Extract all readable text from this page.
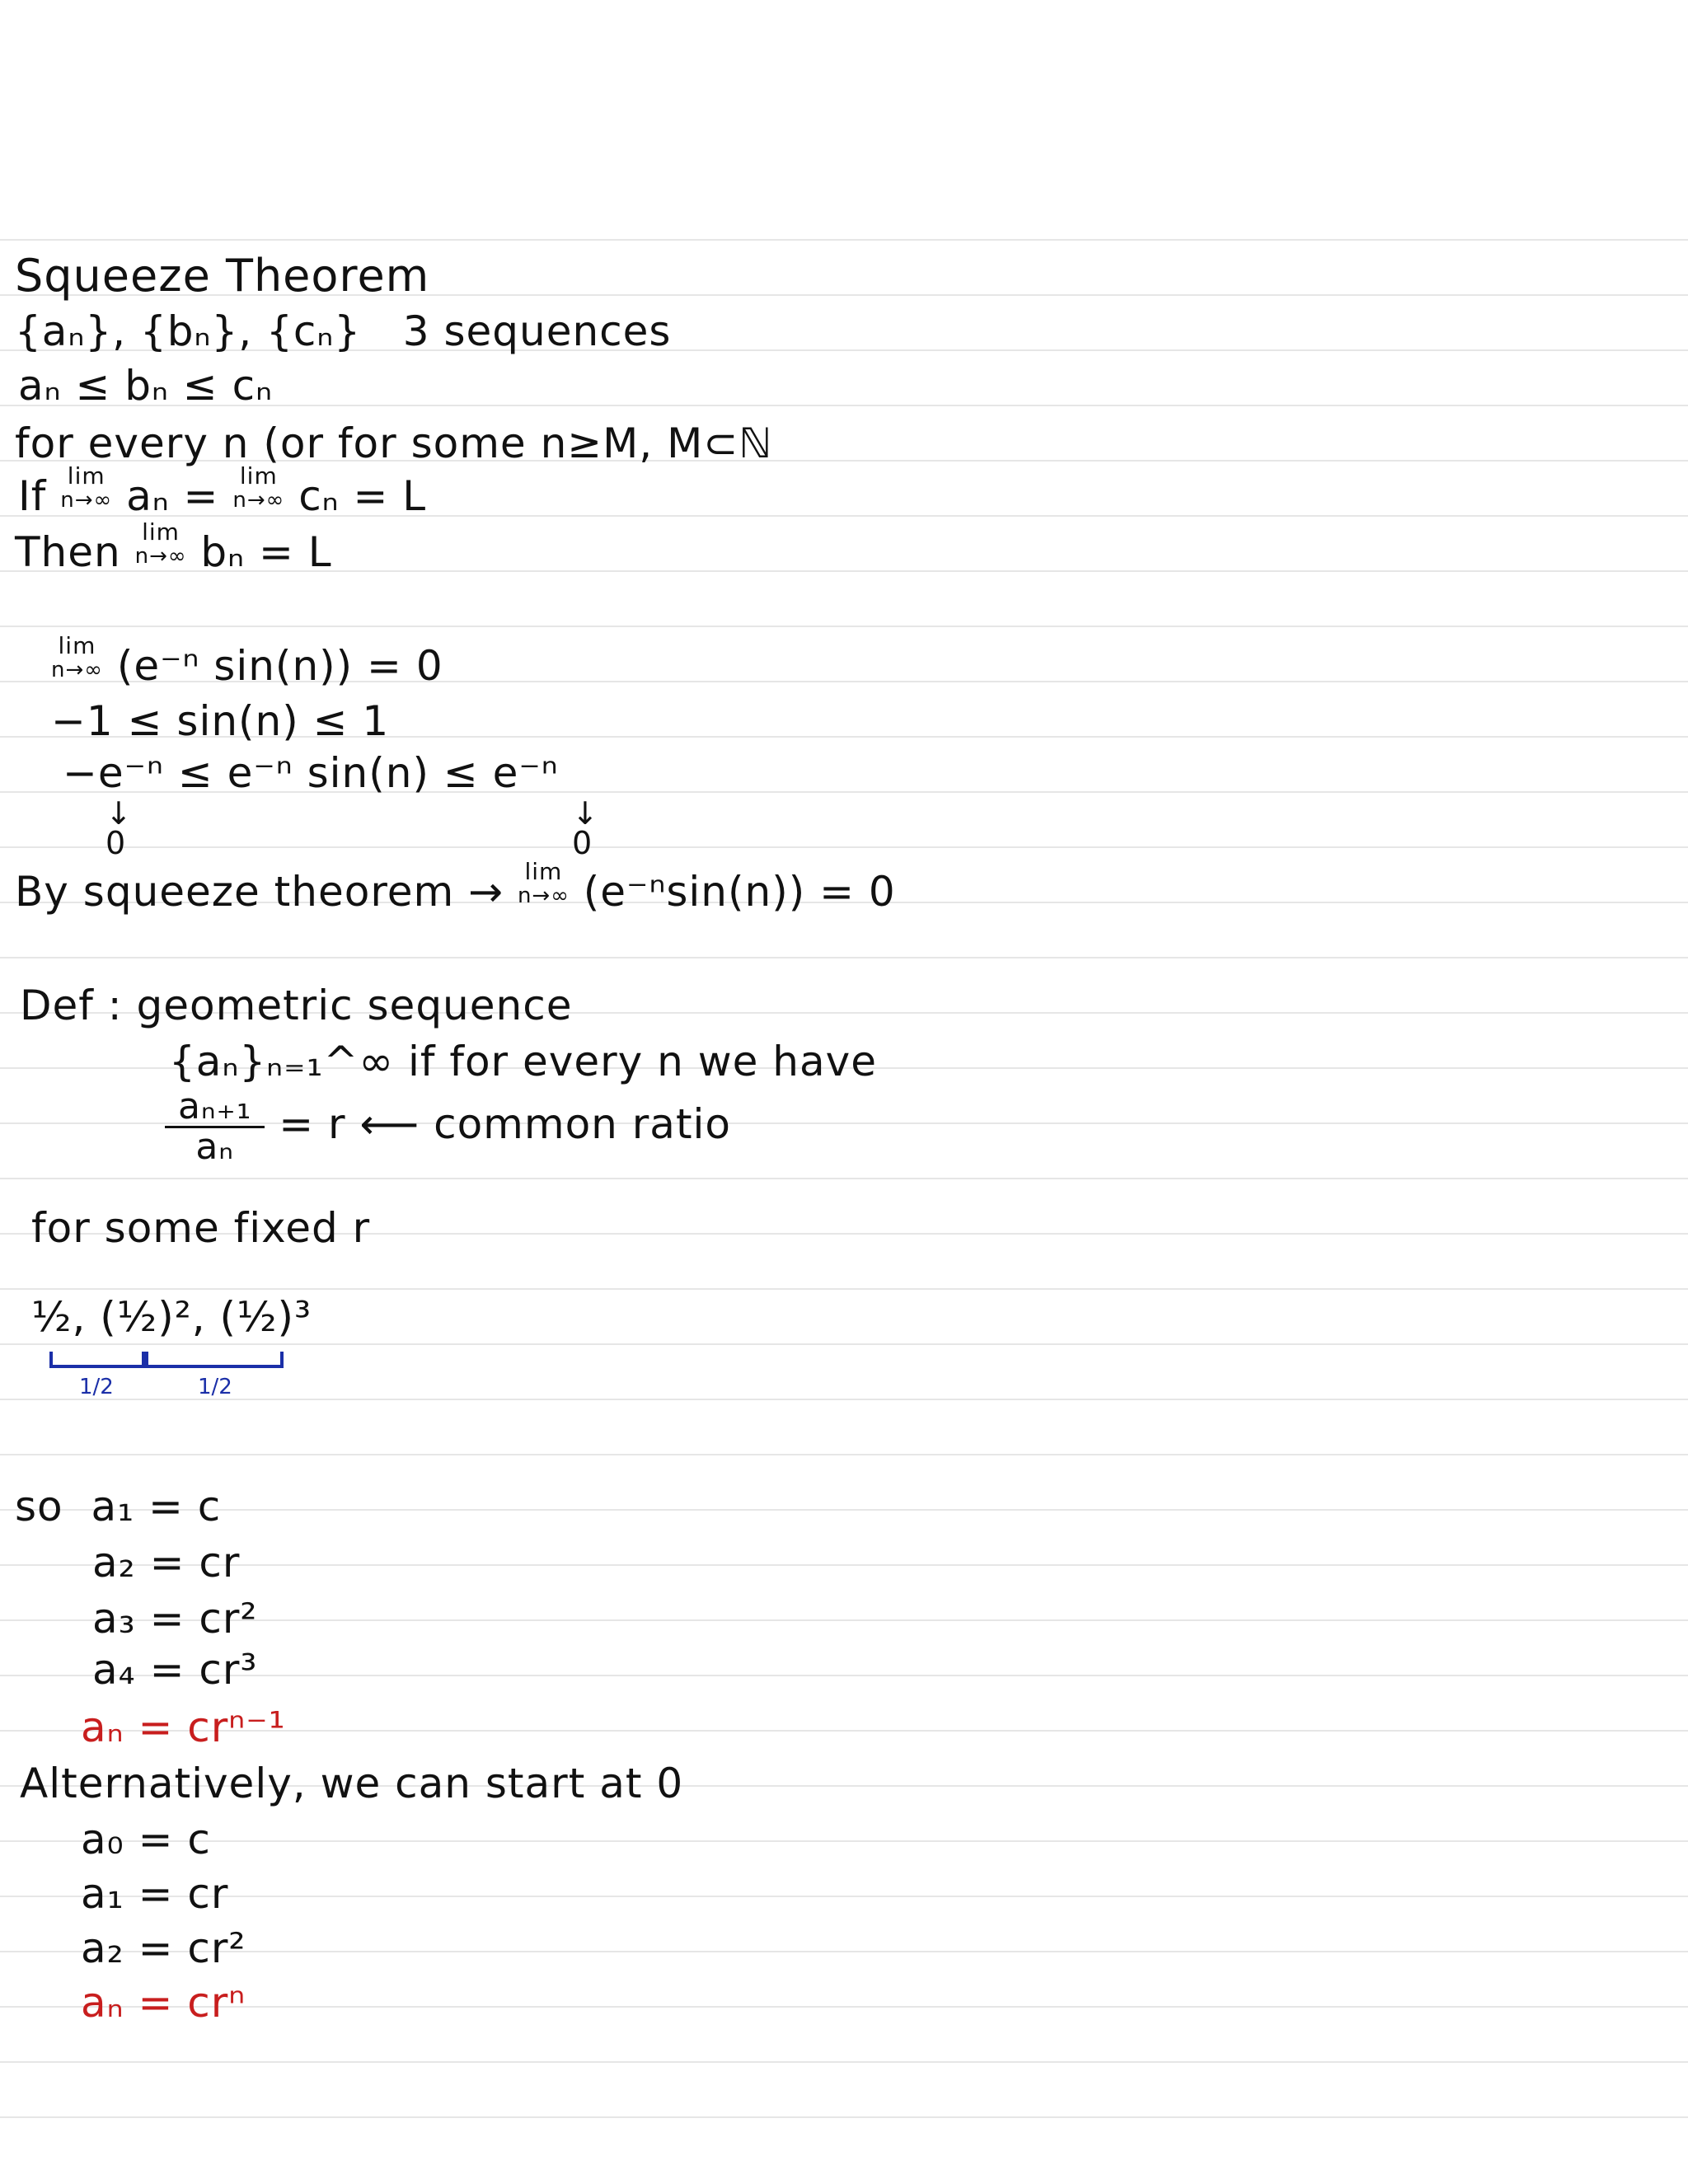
Squeeze Theorem
{aₙ}, {bₙ}, {cₙ} 3 sequences
aₙ ≤ bₙ ≤ cₙ
for every n (or for some n≥M, M⊂ℕ
If lim
n→∞ aₙ = lim
n→∞ cₙ = L
Then lim
n→∞ bₙ = L
lim
n→∞ (e⁻ⁿ sin(n)) = 0
−1 ≤ sin(n) ≤ 1
−e⁻ⁿ ≤ e⁻ⁿ sin(n) ≤ e⁻ⁿ
↓
0
↓
0
By squeeze theorem → lim
n→∞ (e⁻ⁿsin(n)) = 0
Def : geometric sequence
{aₙ}ₙ₌₁^∞ if for every n we have
$\frac{\text{aₙ₊₁}}{\text{aₙ}} = r$ ⟵ common ratio
for some fixed r
½, (½)², (½)³
1/2	1/2
so a₁ = c
a₂ = cr
a₃ = cr²
a₄ = cr³
aₙ = crⁿ⁻¹
Alternatively, we can start at 0
a₀ = c
a₁ = cr
a₂ = cr²
aₙ = crⁿ
